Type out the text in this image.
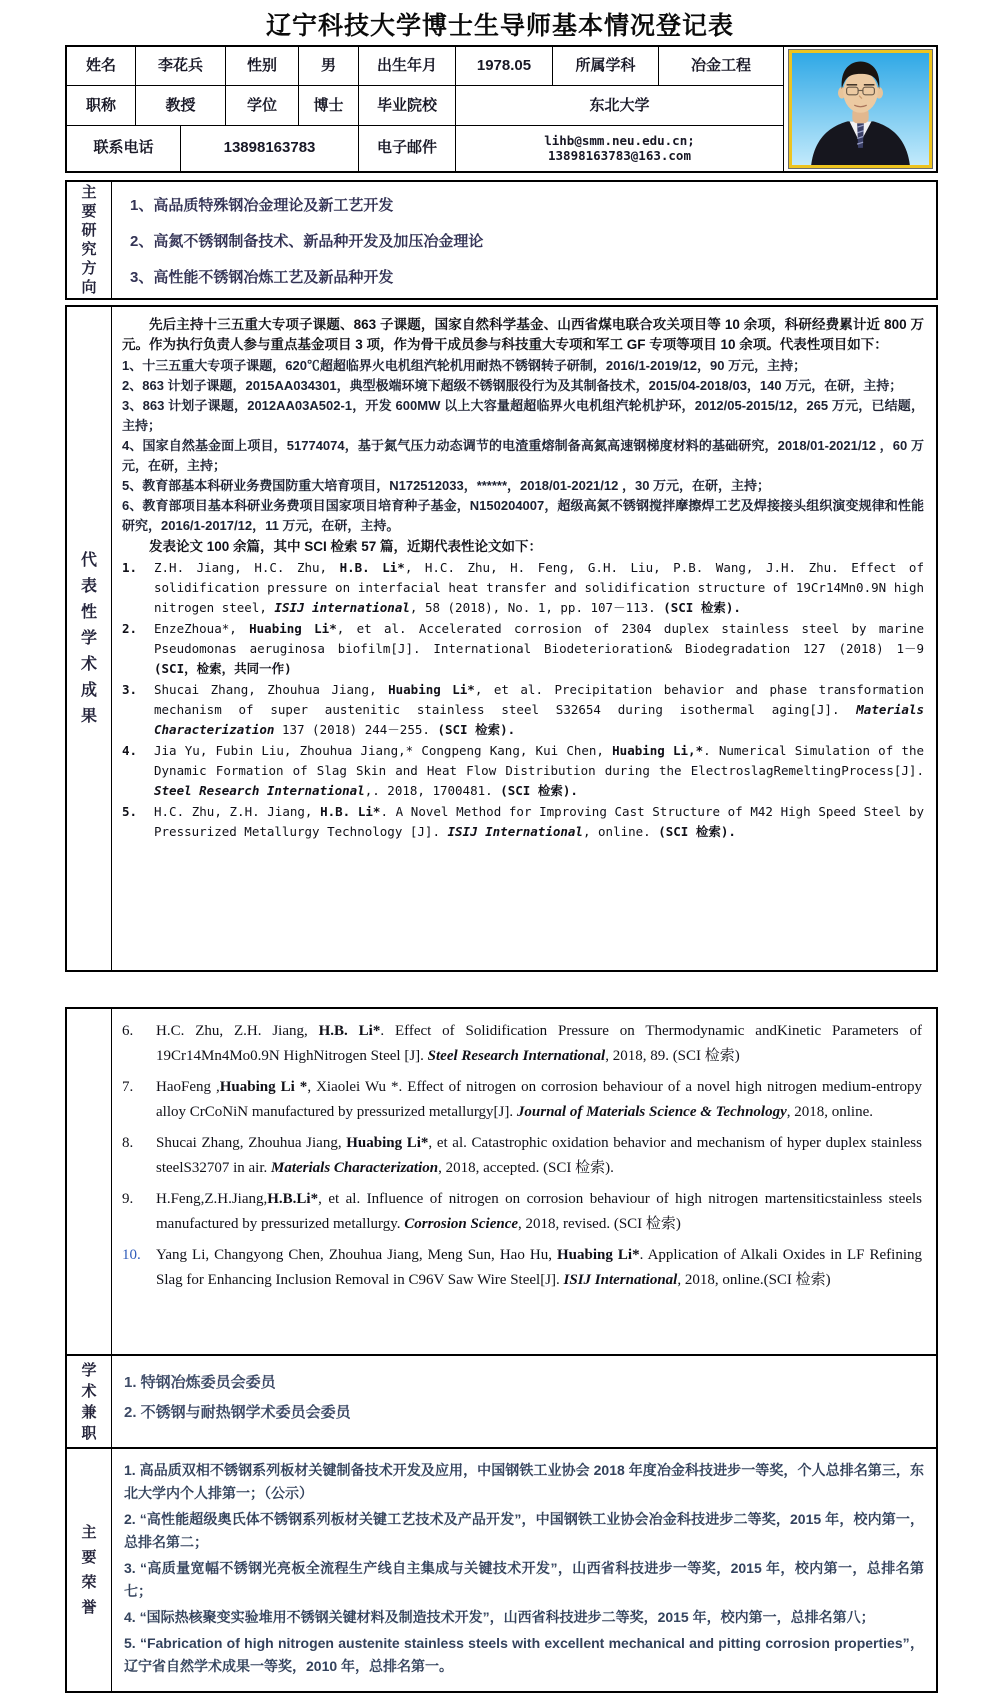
辽宁科技大学博士生导师基本情况登记表
姓名	李花兵	性别	男	出生年月	1978.05	所属学科	冶金工程
职称	教授	学位	博士	毕业院校	东北大学
联系电话	13898163783	电子邮件	lihb@smm.neu.edu.cn;
13898163783@163.com
主要研究方向
1、高品质特殊钢冶金理论及新工艺开发
2、高氮不锈钢制备技术、新品种开发及加压冶金理论
3、高性能不锈钢冶炼工艺及新品种开发
代表性学术成果

先后主持十三五重大专项子课题、863 子课题，国家自然科学基金、山西省煤电联合攻关项目等 10 余项，科研经费累计近 800 万元。作为执行负责人参与重点基金项目 3 项，作为骨干成员参与科技重大专项和军工 GF 专项等项目 10 余项。代表性项目如下：

1、十三五重大专项子课题，620℃超超临界火电机组汽轮机用耐热不锈钢转子研制，2016/1-2019/12，90 万元，主持；
2、863 计划子课题，2015AA034301，典型极端环境下超级不锈钢服役行为及其制备技术，2015/04-2018/03，140 万元，在研，主持；
3、863 计划子课题，2012AA03A502-1，开发 600MW 以上大容量超超临界火电机组汽轮机护环，2012/05-2015/12，265 万元，已结题，主持；
4、国家自然基金面上项目，51774074，基于氮气压力动态调节的电渣重熔制备高氮高速钢梯度材料的基础研究，2018/01-2021/12 ，60 万元，在研，主持；
5、教育部基本科研业务费国防重大培育项目，N172512033，******，2018/01-2021/12 ，30 万元，在研，主持；
6、教育部项目基本科研业务费项目国家项目培育种子基金，N150204007，超级高氮不锈钢搅拌摩擦焊工艺及焊接接头组织演变规律和性能研究，2016/1-2017/12，11 万元，在研，主持。
发表论文 100 余篇，其中 SCI 检索 57 篇，近期代表性论文如下：
1.	Z.H. Jiang, H.C. Zhu, H.B. Li*, H.C. Zhu, H. Feng, G.H. Liu, P.B. Wang, J.H. Zhu. Effect of solidification pressure on interfacial heat transfer and solidification structure of 19Cr14Mn0.9N high nitrogen steel, ISIJ international, 58 (2018), No. 1, pp. 107－113. (SCI 检索).
2.	EnzeZhoua*, Huabing Li*, et al. Accelerated corrosion of 2304 duplex stainless steel by marine Pseudomonas aeruginosa biofilm[J]. International Biodeterioration& Biodegradation 127 (2018) 1－9 (SCI，检索，共同一作)
3.	Shucai Zhang, Zhouhua Jiang, Huabing Li*, et al. Precipitation behavior and phase transformation mechanism of super austenitic stainless steel S32654 during isothermal aging[J]. Materials Characterization 137 (2018) 244－255. (SCI 检索).
4.	Jia Yu, Fubin Liu, Zhouhua Jiang,* Congpeng Kang, Kui Chen, Huabing Li,*. Numerical Simulation of the Dynamic Formation of Slag Skin and Heat Flow Distribution during the ElectroslagRemeltingProcess[J]. Steel Research International,. 2018, 1700481. (SCI 检索).
5.	H.C. Zhu, Z.H. Jiang, H.B. Li*. A Novel Method for Improving Cast Structure of M42 High Speed Steel by Pressurized Metallurgy Technology [J]. ISIJ International, online. (SCI 检索).
6.	H.C. Zhu, Z.H. Jiang, H.B. Li*. Effect of Solidification Pressure on Thermodynamic andKinetic Parameters of 19Cr14Mn4Mo0.9N HighNitrogen Steel [J]. Steel Research International, 2018, 89. (SCI 检索)
7.	HaoFeng ,Huabing Li *, Xiaolei Wu *. Effect of nitrogen on corrosion behaviour of a novel high nitrogen medium-entropy alloy CrCoNiN manufactured by pressurized metallurgy[J]. Journal of Materials Science & Technology, 2018, online.
8.	Shucai Zhang, Zhouhua Jiang, Huabing Li*, et al. Catastrophic oxidation behavior and mechanism of hyper duplex stainless steelS32707 in air. Materials Characterization, 2018, accepted. (SCI 检索).
9.	H.Feng,Z.H.Jiang,H.B.Li*, et al. Influence of nitrogen on corrosion behaviour of high nitrogen martensiticstainless steels manufactured by pressurized metallurgy. Corrosion Science, 2018, revised. (SCI 检索)
10.	Yang Li, Changyong Chen, Zhouhua Jiang, Meng Sun, Hao Hu, Huabing Li*. Application of Alkali Oxides in LF Refining Slag for Enhancing Inclusion Removal in C96V Saw Wire Steel[J]. ISIJ International, 2018, online.(SCI 检索)
学术兼职
1. 特钢冶炼委员会委员
2. 不锈钢与耐热钢学术委员会委员
主要荣誉
1. 高品质双相不锈钢系列板材关键制备技术开发及应用，中国钢铁工业协会 2018 年度冶金科技进步一等奖，个人总排名第三，东北大学内个人排第一；（公示）
2. “高性能超级奥氏体不锈钢系列板材关键工艺技术及产品开发”，中国钢铁工业协会冶金科技进步二等奖，2015 年，校内第一，总排名第二；
3. “高质量宽幅不锈钢光亮板全流程生产线自主集成与关键技术开发”，山西省科技进步一等奖，2015 年，校内第一，总排名第七；
4. “国际热核聚变实验堆用不锈钢关键材料及制造技术开发”，山西省科技进步二等奖，2015 年，校内第一，总排名第八；
5. “Fabrication of high nitrogen austenite stainless steels with excellent mechanical and pitting corrosion properties”，辽宁省自然学术成果一等奖，2010 年，总排名第一。
